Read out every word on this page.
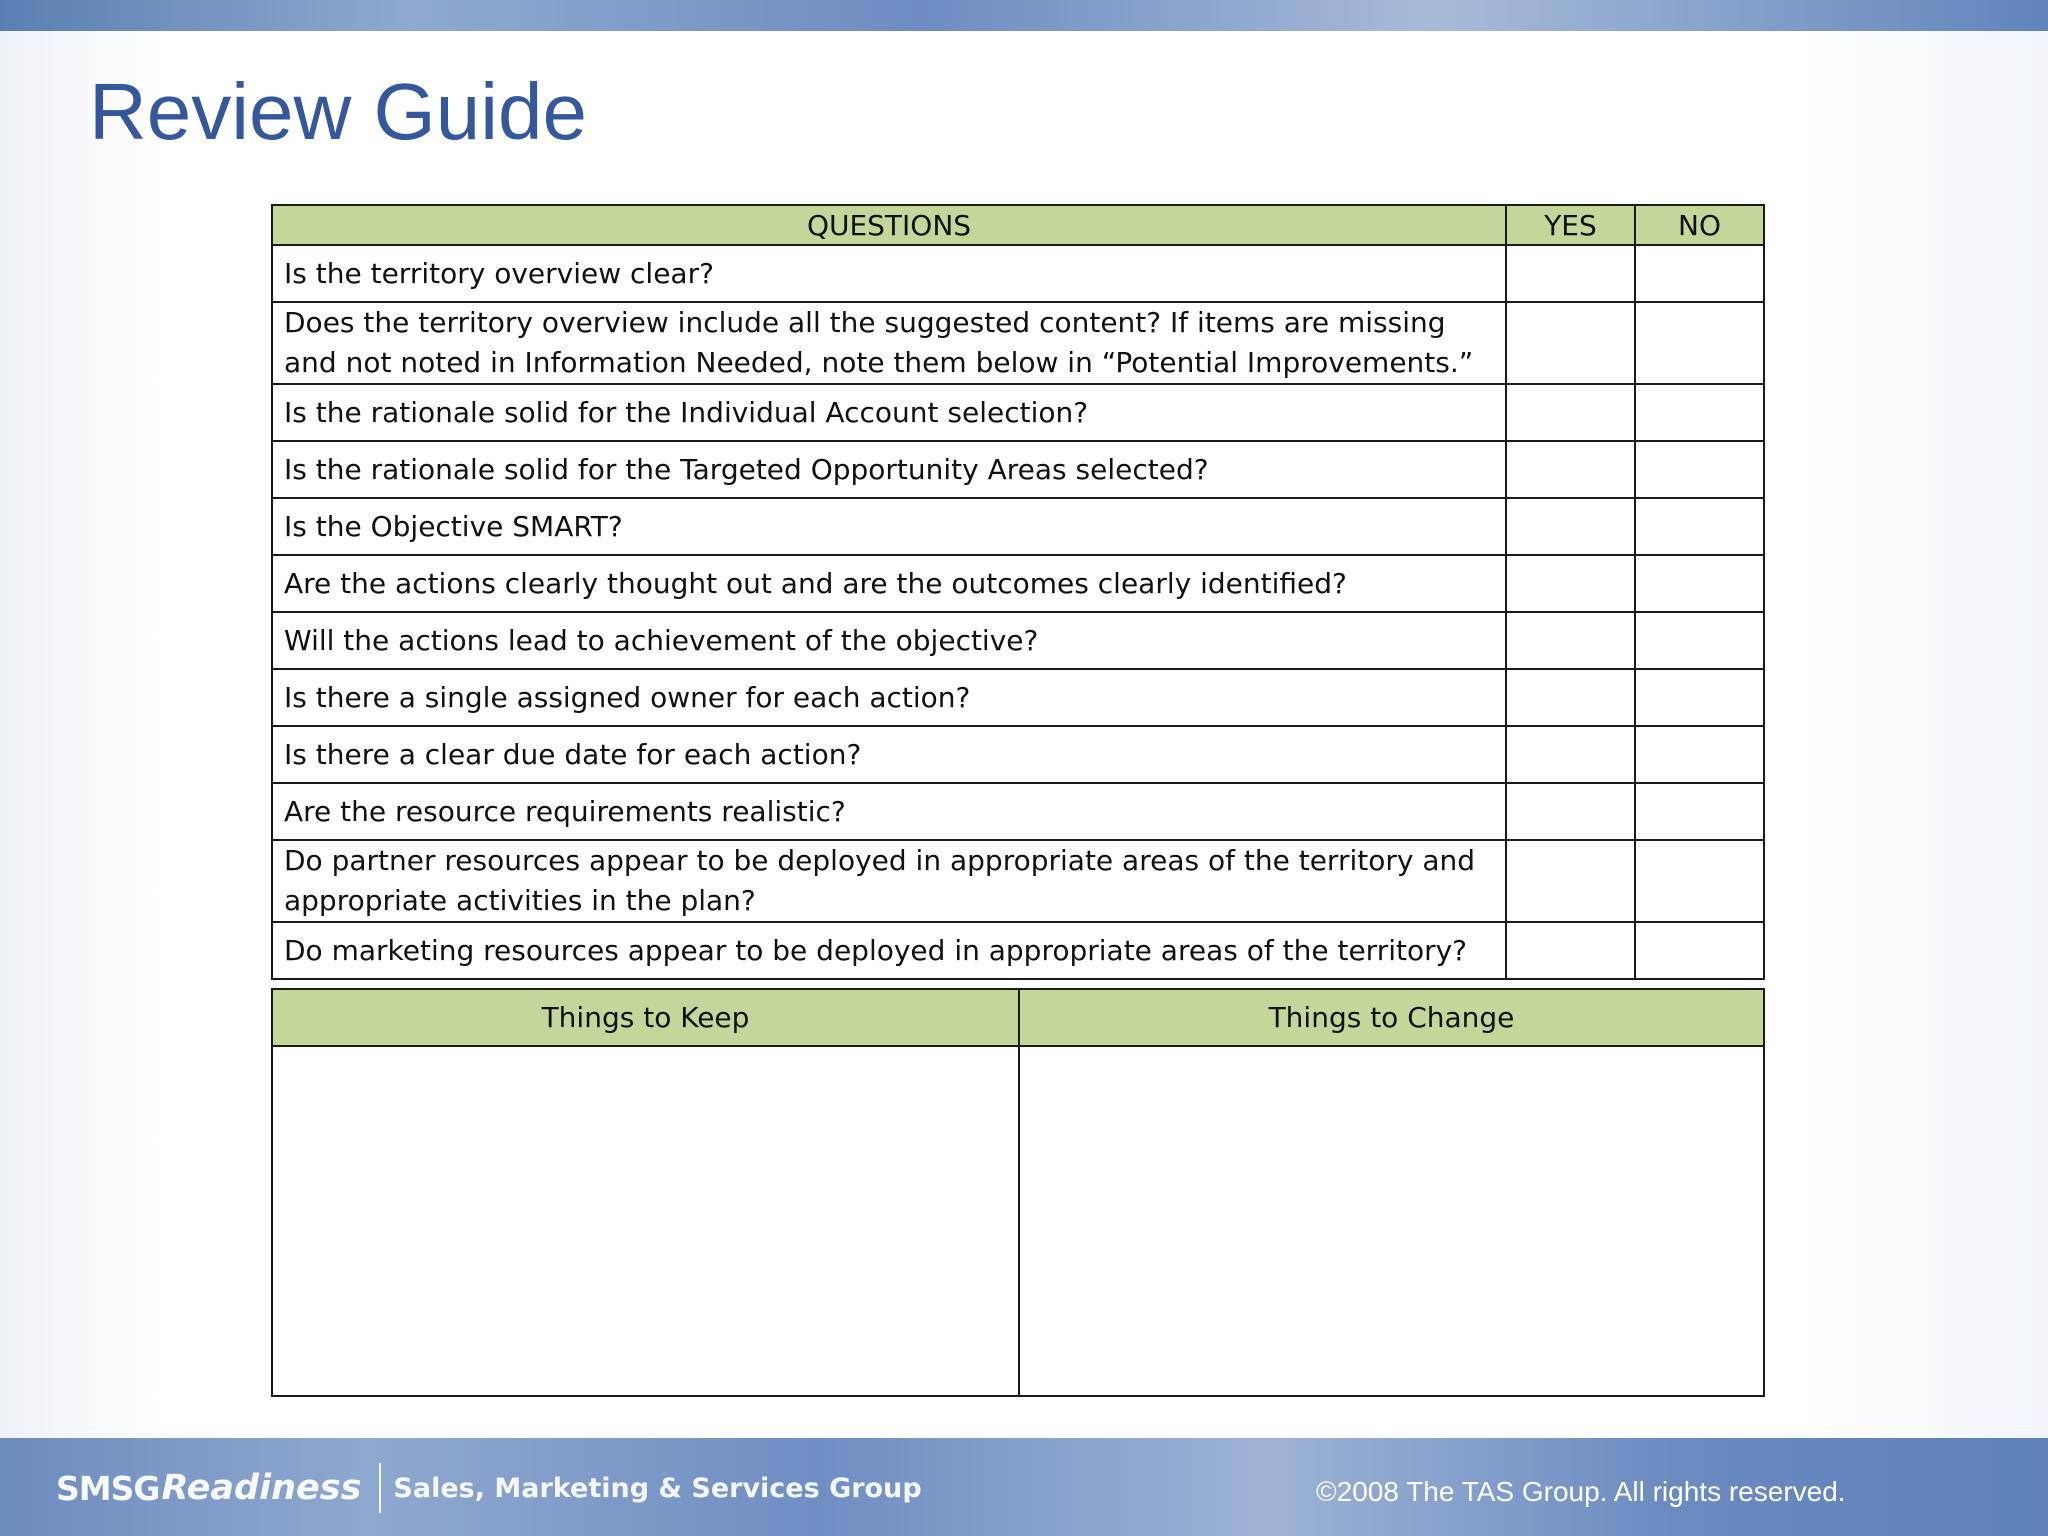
Review Guide
QUESTIONS	YES	NO
Is the territory overview clear?		
Does the territory overview include all the suggested content? If items are missing and not noted in Information Needed, note them below in “Potential Improvements.”		
Is the rationale solid for the Individual Account selection?		
Is the rationale solid for the Targeted Opportunity Areas selected?		
Is the Objective SMART?		
Are the actions clearly thought out and are the outcomes clearly identified?		
Will the actions lead to achievement of the objective?		
Is there a single assigned owner for each action?		
Is there a clear due date for each action?		
Are the resource requirements realistic?		
Do partner resources appear to be deployed in appropriate areas of the territory and appropriate activities in the plan?		
Do marketing resources appear to be deployed in appropriate areas of the territory?		
Things to Keep	Things to Change

SMSG Readiness Sales, Marketing & Services Group	©2008 The TAS Group. All rights reserved.
